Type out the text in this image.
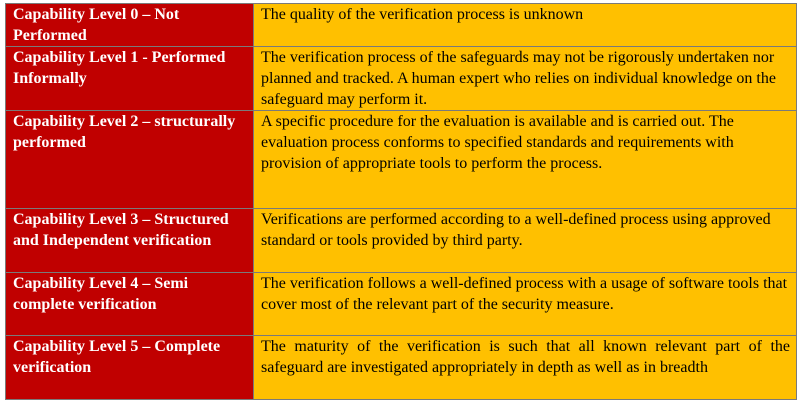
Capability Level 0 – Not Performed	The quality of the verification process is unknown
Capability Level 1 - Performed Informally	The verification process of the safeguards may not be rigorously undertaken nor planned and tracked. A human expert who relies on individual knowledge on the safeguard may perform it.
Capability Level 2 – structurally performed	A specific procedure for the evaluation is available and is carried out. The evaluation process conforms to specified standards and requirements with provision of appropriate tools to perform the process.
Capability Level 3 – Structured and Independent verification	Verifications are performed according to a well-defined process using approved standard or tools provided by third party.
Capability Level 4 – Semi complete verification	The verification follows a well-defined process with a usage of software tools that cover most of the relevant part of the security measure.
Capability Level 5 – Complete verification	The maturity of the verification is such that all known relevant part of the safeguard are investigated appropriately in depth as well as in breadth
